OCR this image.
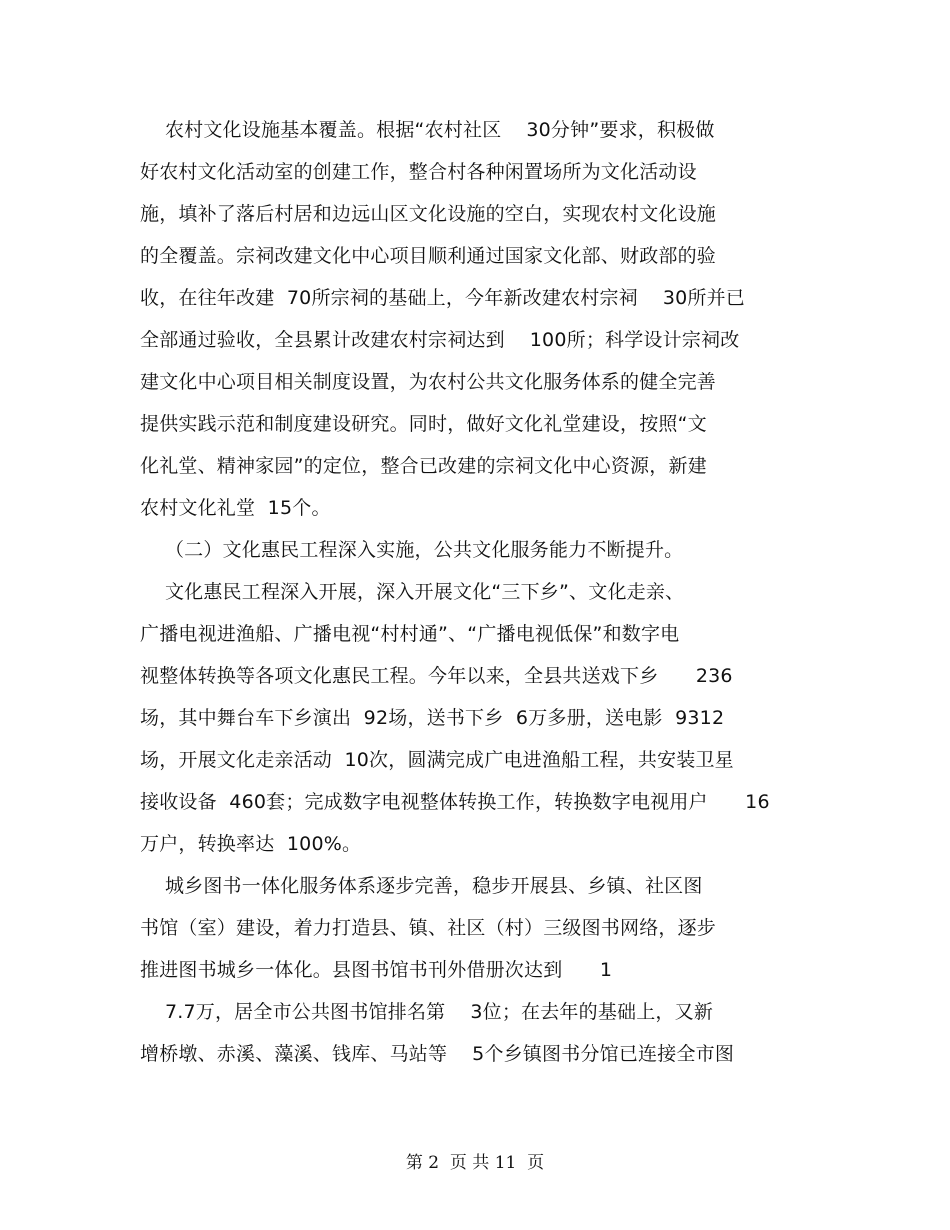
农村文化设施基本覆盖。根据“农村社区    30分钟”要求，积极做
好农村文化活动室的创建工作，整合村各种闲置场所为文化活动设
施，填补了落后村居和边远山区文化设施的空白，实现农村文化设施
的全覆盖。宗祠改建文化中心项目顺利通过国家文化部、财政部的验
收，在往年改建  70所宗祠的基础上，今年新改建农村宗祠    30所并已
全部通过验收，全县累计改建农村宗祠达到    100所；科学设计宗祠改
建文化中心项目相关制度设置，为农村公共文化服务体系的健全完善
提供实践示范和制度建设研究。同时，做好文化礼堂建设，按照“文
化礼堂、精神家园”的定位，整合已改建的宗祠文化中心资源，新建
农村文化礼堂  15个。
（二）文化惠民工程深入实施，公共文化服务能力不断提升。
文化惠民工程深入开展，深入开展文化“三下乡”、文化走亲、
广播电视进渔船、广播电视“村村通”、“广播电视低保”和数字电
视整体转换等各项文化惠民工程。今年以来，全县共送戏下乡      236
场，其中舞台车下乡演出  92场，送书下乡  6万多册，送电影  9312
场，开展文化走亲活动  10次，圆满完成广电进渔船工程，共安装卫星
接收设备  460套；完成数字电视整体转换工作，转换数字电视用户      16
万户，转换率达  100%。
城乡图书一体化服务体系逐步完善，稳步开展县、乡镇、社区图
书馆（室）建设，着力打造县、镇、社区（村）三级图书网络，逐步
推进图书城乡一体化。县图书馆书刊外借册次达到      1
7.7万，居全市公共图书馆排名第    3位；在去年的基础上，又新
增桥墩、赤溪、藻溪、钱库、马站等    5个乡镇图书分馆已连接全市图
第 2  页 共 11  页
